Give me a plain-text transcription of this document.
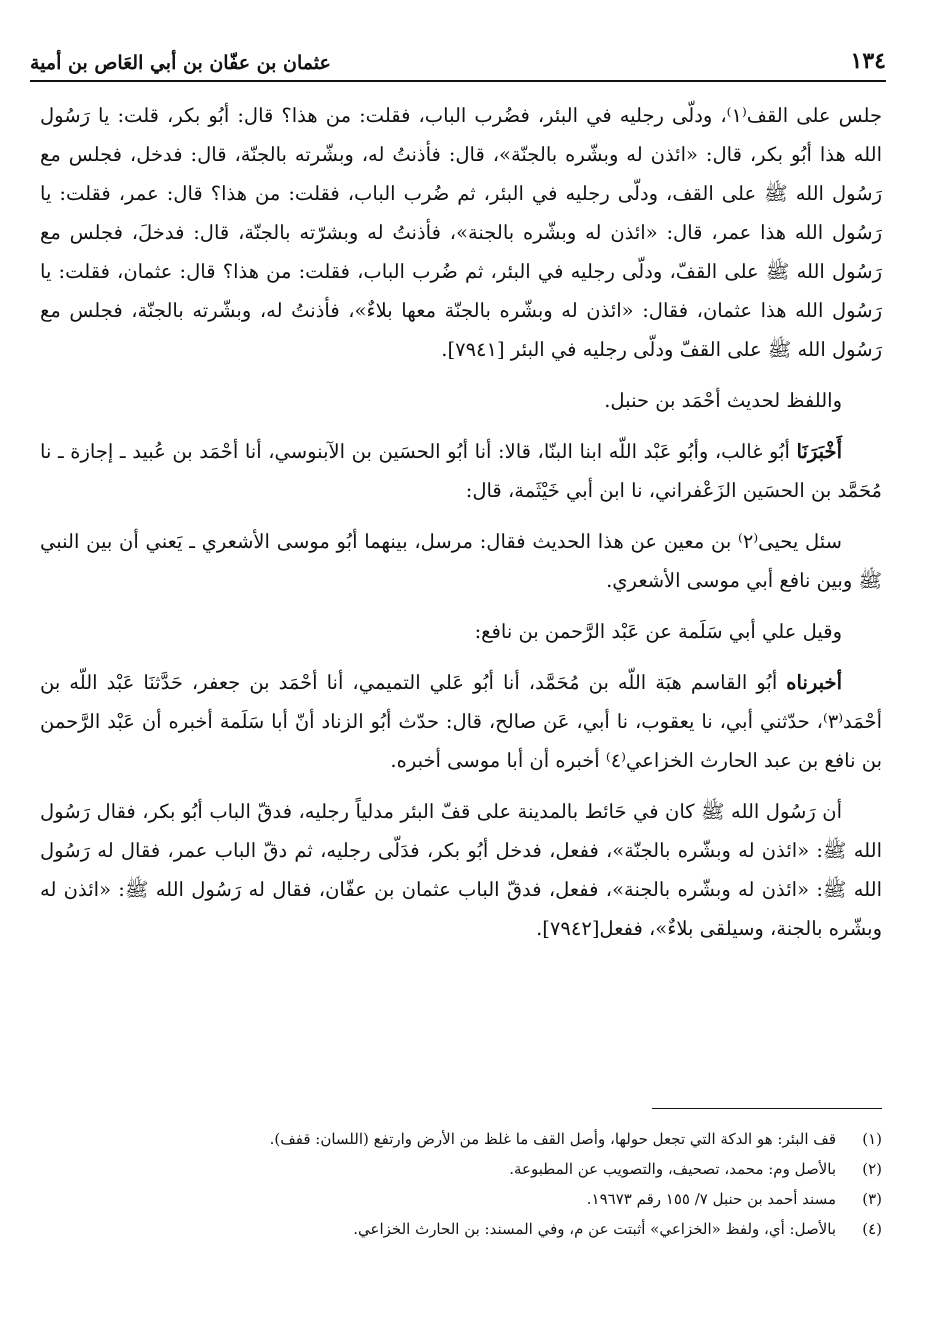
١٣٤
عثمان بن عفّان بن أبي العَاص بن أمية

جلس على القف⁽١⁾، ودلّى رجليه في البئر، فضُرب الباب، فقلت: من هذا؟ قال: أبُو بكر، قلت: يا رَسُول الله هذا أبُو بكر، قال: «ائذن له وبشّره بالجنّة»، قال: فأذنتُ له، وبشّرته بالجنّة، قال: فدخل، فجلس مع رَسُول الله ﷺ على القف، ودلّى رجليه في البئر، ثم ضُرب الباب، فقلت: من هذا؟ قال: عمر، فقلت: يا رَسُول الله هذا عمر، قال: «ائذن له وبشّره بالجنة»، فأذنتُ له وبشرّته بالجنّة، قال: فدخلَ، فجلس مع رَسُول الله ﷺ على القفّ، ودلّى رجليه في البئر، ثم ضُرب الباب، فقلت: من هذا؟ قال: عثمان، فقلت: يا رَسُول الله هذا عثمان، فقال: «ائذن له وبشّره بالجنّة معها بلاءٌ»، فأذنتُ له، وبشّرته بالجنّة، فجلس مع رَسُول الله ﷺ على القفّ ودلّى رجليه في البئر [٧٩٤١].

واللفظ لحديث أحْمَد بن حنبل.

أَخْبَرَنَا أبُو غالب، وأبُو عَبْد اللّه ابنا البنّا، قالا: أنا أبُو الحسَين بن الآبنوسي، أنا أحْمَد بن عُبيد ـ إجازة ـ نا مُحَمَّد بن الحسَين الزَعْفراني، نا ابن أبي خَيْثَمة، قال:

سئل يحيى⁽٢⁾ بن معين عن هذا الحديث فقال: مرسل، بينهما أبُو موسى الأشعري ـ يَعني أن بين النبي ﷺ وبين نافع أبي موسى الأشعري.

وقيل علي أبي سَلَمة عن عَبْد الرَّحمن بن نافع:

أخبرناه أبُو القاسم هبَة اللّه بن مُحَمَّد، أنا أبُو عَلي التميمي، أنا أحْمَد بن جعفر، حَدَّثنَا عَبْد اللّه بن أحْمَد⁽٣⁾، حدّثني أبي، نا يعقوب، نا أبي، عَن صالح، قال: حدّث أبُو الزناد أنّ أبا سَلَمة أخبره أن عَبْد الرَّحمن بن نافع بن عبد الحارث الخزاعي⁽٤⁾ أخبره أن أبا موسى أخبره.

أن رَسُول الله ﷺ كان في حَائط بالمدينة على قفّ البئر مدلياً رجليه، فدقّ الباب أبُو بكر، فقال رَسُول الله ﷺ: «ائذن له وبشّره بالجنّة»، ففعل، فدخل أبُو بكر، فدَلّى رجليه، ثم دقّ الباب عمر، فقال له رَسُول الله ﷺ: «ائذن له وبشّره بالجنة»، ففعل، فدقّ الباب عثمان بن عفّان، فقال له رَسُول الله ﷺ: «ائذن له وبشّره بالجنة، وسيلقى بلاءٌ»، ففعل[٧٩٤٢].

(١)
قف البئر: هو الدكة التي تجعل حولها، وأصل القف ما غلظ من الأرض وارتفع (اللسان: قفف).
(٢)
بالأصل وم: محمد، تصحيف، والتصويب عن المطبوعة.
(٣)
مسند أحمد بن حنبل ٧/ ١٥٥ رقم ١٩٦٧٣.
(٤)
بالأصل: أي، ولفظ «الخزاعي» أثبتت عن م، وفي المسند: بن الحارث الخزاعي.
